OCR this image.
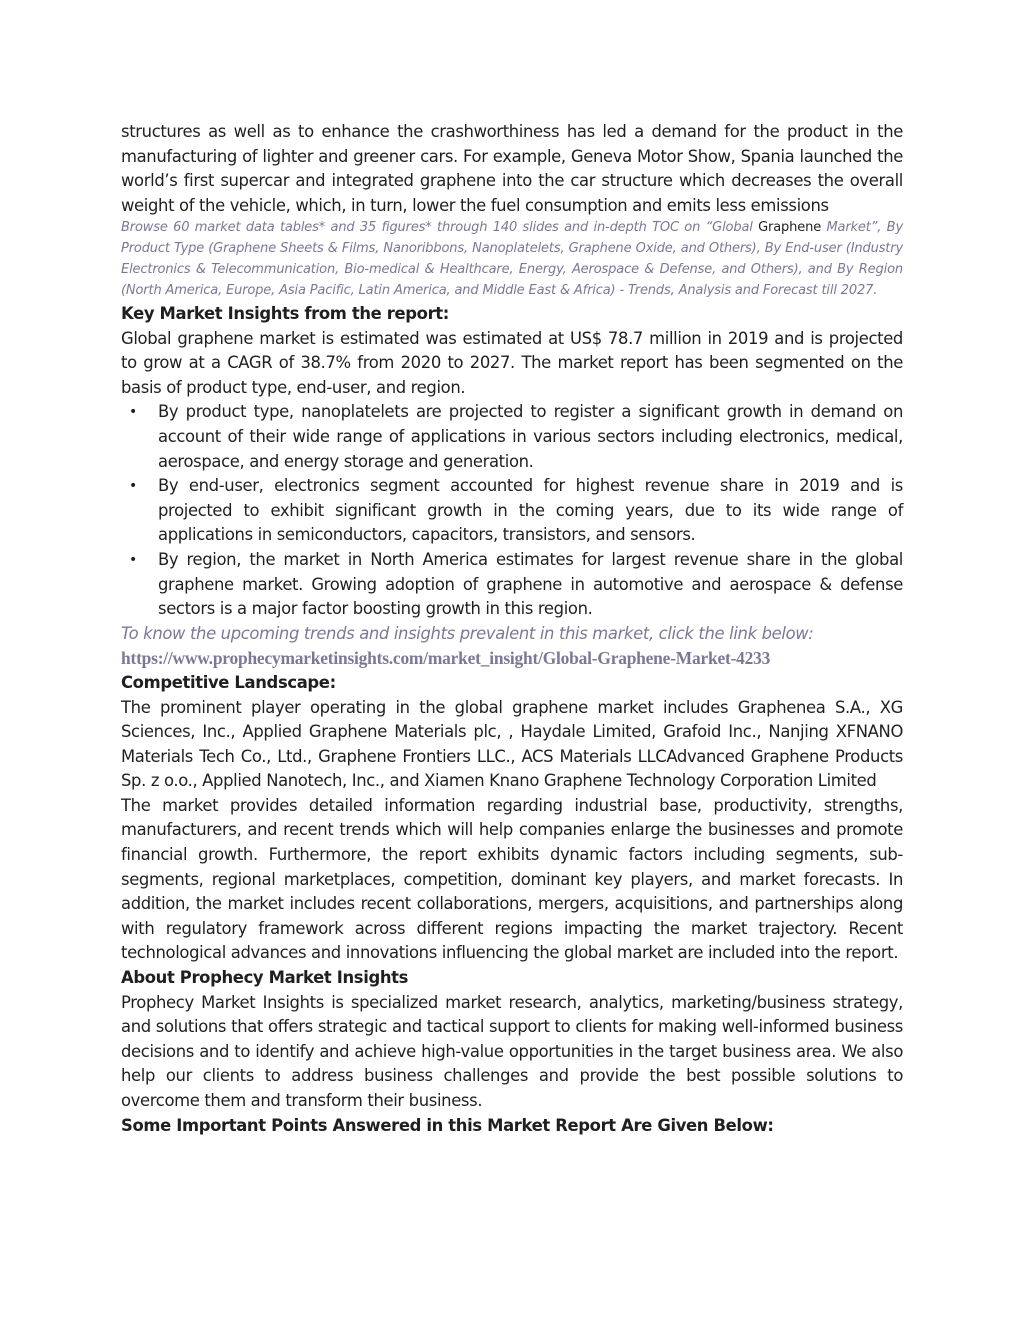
structures as well as to enhance the crashworthiness has led a demand for the product in the manufacturing of lighter and greener cars. For example, Geneva Motor Show, Spania launched the world’s first supercar and integrated graphene into the car structure which decreases the overall weight of the vehicle, which, in turn, lower the fuel consumption and emits less emissions

Browse 60 market data tables* and 35 figures* through 140 slides and in-depth TOC on “Global Graphene Market”, By Product Type (Graphene Sheets & Films, Nanoribbons, Nanoplatelets, Graphene Oxide, and Others), By End-user (Industry Electronics & Telecommunication, Bio-medical & Healthcare, Energy, Aerospace & Defense, and Others), and By Region (North America, Europe, Asia Pacific, Latin America, and Middle East & Africa) - Trends, Analysis and Forecast till 2027.

Key Market Insights from the report:

Global graphene market is estimated was estimated at US$ 78.7 million in 2019 and is projected to grow at a CAGR of 38.7% from 2020 to 2027. The market report has been segmented on the basis of product type, end-user, and region.

• By product type, nanoplatelets are projected to register a significant growth in demand on account of their wide range of applications in various sectors including electronics, medical, aerospace, and energy storage and generation.
• By end-user, electronics segment accounted for highest revenue share in 2019 and is projected to exhibit significant growth in the coming years, due to its wide range of applications in semiconductors, capacitors, transistors, and sensors.
• By region, the market in North America estimates for largest revenue share in the global graphene market. Growing adoption of graphene in automotive and aerospace & defense sectors is a major factor boosting growth in this region.

To know the upcoming trends and insights prevalent in this market, click the link below:

https://www.prophecymarketinsights.com/market_insight/Global-Graphene-Market-4233

Competitive Landscape:

The prominent player operating in the global graphene market includes Graphenea S.A., XG Sciences, Inc., Applied Graphene Materials plc, , Haydale Limited, Grafoid Inc., Nanjing XFNANO Materials Tech Co., Ltd., Graphene Frontiers LLC., ACS Materials LLCAdvanced Graphene Products Sp. z o.o., Applied Nanotech, Inc., and Xiamen Knano Graphene Technology Corporation Limited

The market provides detailed information regarding industrial base, productivity, strengths, manufacturers, and recent trends which will help companies enlarge the businesses and promote financial growth. Furthermore, the report exhibits dynamic factors including segments, sub-segments, regional marketplaces, competition, dominant key players, and market forecasts. In addition, the market includes recent collaborations, mergers, acquisitions, and partnerships along with regulatory framework across different regions impacting the market trajectory. Recent technological advances and innovations influencing the global market are included into the report.

About Prophecy Market Insights

Prophecy Market Insights is specialized market research, analytics, marketing/business strategy, and solutions that offers strategic and tactical support to clients for making well-informed business decisions and to identify and achieve high-value opportunities in the target business area. We also help our clients to address business challenges and provide the best possible solutions to overcome them and transform their business.

Some Important Points Answered in this Market Report Are Given Below:
